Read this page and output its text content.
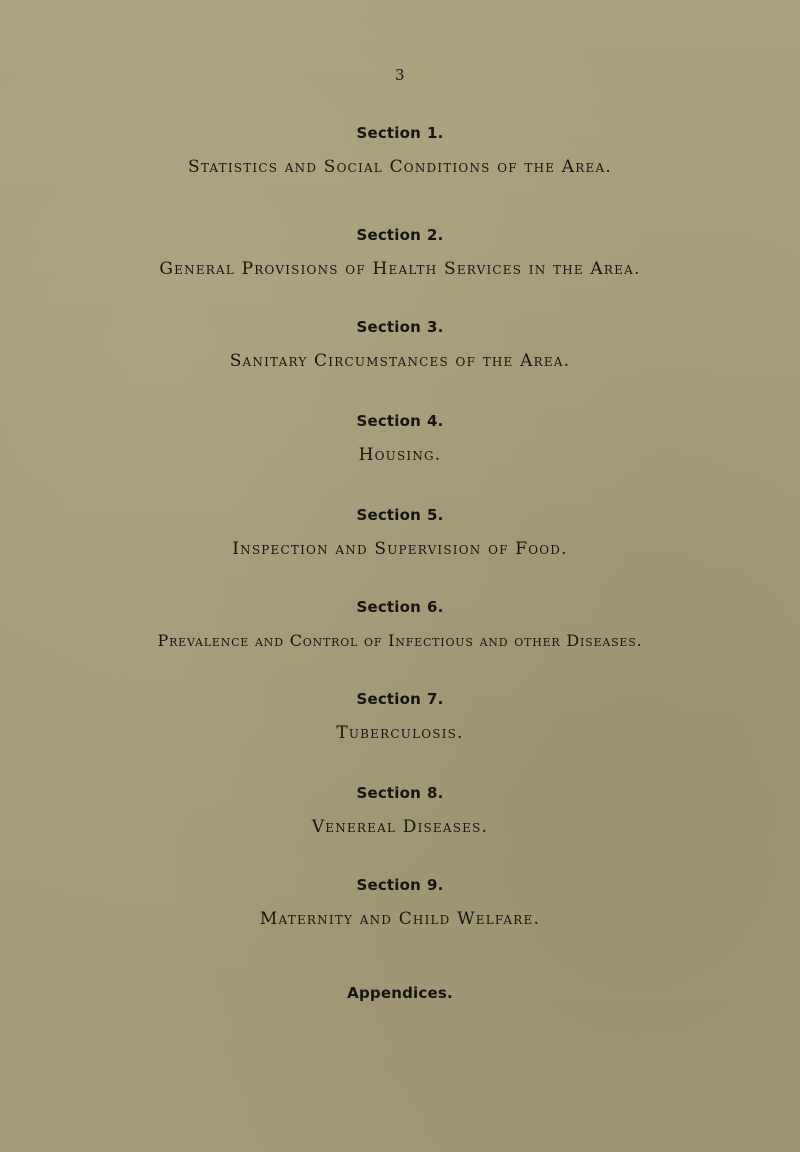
3

Section 1.

Statistics and Social Conditions of the Area.

Section 2.

General Provisions of Health Services in the Area.

Section 3.

Sanitary Circumstances of the Area.

Section 4.

Housing.

Section 5.

Inspection and Supervision of Food.

Section 6.

Prevalence and Control of Infectious and other Diseases.

Section 7.

Tuberculosis.

Section 8.

Venereal Diseases.

Section 9.

Maternity and Child Welfare.

Appendices.
